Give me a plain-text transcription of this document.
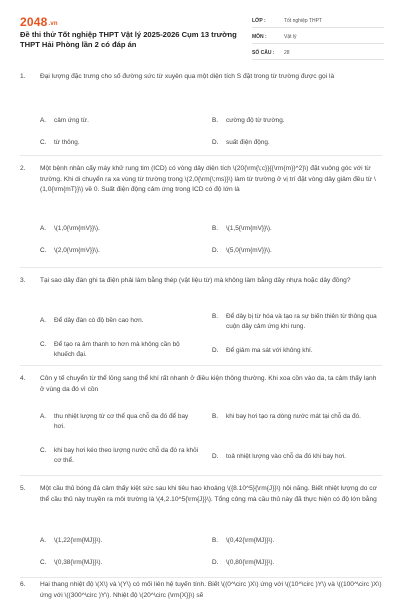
2048.vn
Đề thi thử Tốt nghiệp THPT Vật lý 2025-2026 Cụm 13 trường THPT Hải Phòng lần 2 có đáp án
LỚP :	Tốt nghiệp THPT
MÔN :	Vật lý
SỐ CÂU :	28
1.	Đại lượng đặc trưng cho số đường sức từ xuyên qua một diện tích S đặt trong từ trường được gọi là
A.	cảm ứng từ.	B.	cường độ từ trường.
C.	từ thông.	D.	suất điện động.
2.	Một bệnh nhân cấy máy khử rung tim (ICD) có vòng dây diện tích \(20{\rm{\;c}}{{\rm{m}}^2}\) đặt vuông góc với từ trường. Khi di chuyển ra xa vùng từ trường trong \(2,0{\rm{\;ms}}\) làm từ trường ở vị trí đặt vòng dây giảm đều từ \(1,0{\rm{mT}}\) về 0. Suất điện động cảm ứng trong ICD có độ lớn là
A.	\(1,0{\rm{mV}}\).	B.	\(1,5{\rm{mV}}\).
C.	\(2,0{\rm{mV}}\).	D.	\(5,0{\rm{mV}}\).
3.	Tại sao dây đàn ghi ta điện phải làm bằng thép (vật liệu từ) mà không làm bằng dây nhựa hoặc dây đồng?
A.	Để dây đàn có độ bền cao hơn.
B.	Để dây bị từ hóa và tạo ra sự biến thiên từ thông qua cuộn dây cảm ứng khi rung.
C.	Để tạo ra âm thanh to hơn mà không cần bộ khuếch đại.
D.	Để giảm ma sát với không khí.
4.	Côn y tế chuyển từ thể lỏng sang thể khí rất nhanh ở điều kiện thông thường. Khi xoa cồn vào da, ta cảm thấy lạnh ở vùng da đó vì cồn
A.	thu nhiệt lượng từ cơ thể qua chỗ da đó để bay hơi.
B.	khi bay hơi tạo ra dòng nước mát tại chỗ da đó.
C.	khi bay hơi kéo theo lượng nước chỗ da đó ra khỏi cơ thể.
D.	toả nhiệt lượng vào chỗ da đó khi bay hơi.
5.	Một cầu thủ bóng đá cảm thấy kiệt sức sau khi tiêu hao khoảng \({8.10^5}{\rm{J}}\) nội năng. Biết nhiệt lượng do cơ thể cầu thủ này truyền ra môi trường là \(4,2.10^5{\rm{J}}\). Tổng công mà cầu thủ này đã thực hiện có độ lớn bằng
A.	\(1,22{\rm{MJ}}\).	B.	\(0,42{\rm{MJ}}\).
C.	\(0,38{\rm{MJ}}\).	D.	\(0,80{\rm{MJ}}\).
6.	Hai thang nhiệt độ \(X\) và \(Y\) có mối liên hệ tuyến tính. Biết \((0^\circ )X\) ứng với \((10^\circ )Y\) và \((100^\circ )X\) ứng với \((300^\circ )Y\). Nhiệt độ \(20^\circ {\rm{X}}\) sẽ
